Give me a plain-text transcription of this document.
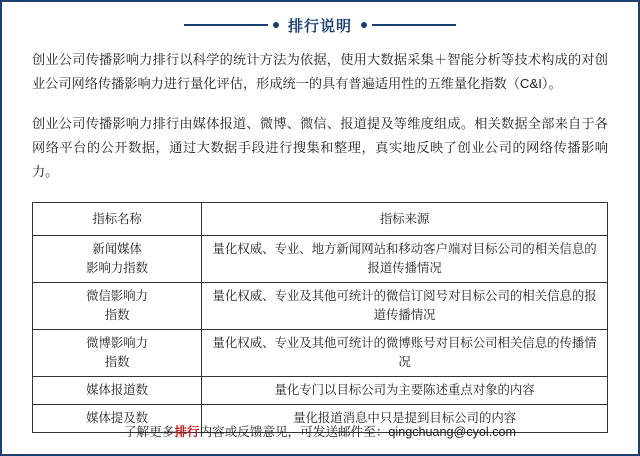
排行说明

创业公司传播影响力排行以科学的统计方法为依据，使用大数据采集＋智能分析等技术构成的对创业公司网络传播影响力进行量化评估，形成统一的具有普遍适用性的五维量化指数（C&I）。

创业公司传播影响力排行由媒体报道、微博、微信、报道提及等维度组成。相关数据全部来自于各网络平台的公开数据，通过大数据手段进行搜集和整理，真实地反映了创业公司的网络传播影响力。

指标名称	指标来源

新闻媒体
影响力指数	量化权威、专业、地方新闻网站和移动客户端对目标公司的相关信息的报道传播情况

微信影响力
指数	量化权威、专业及其他可统计的微信订阅号对目标公司的相关信息的报道传播情况

微博影响力
指数	量化权威、专业及其他可统计的微博账号对目标公司相关信息的传播情况
媒体报道数	量化专门以目标公司为主要陈述重点对象的内容
媒体提及数	量化报道消息中只是提到目标公司的内容
了解更多排行内容或反馈意见，可发送邮件至：qingchuang@cyol.com
